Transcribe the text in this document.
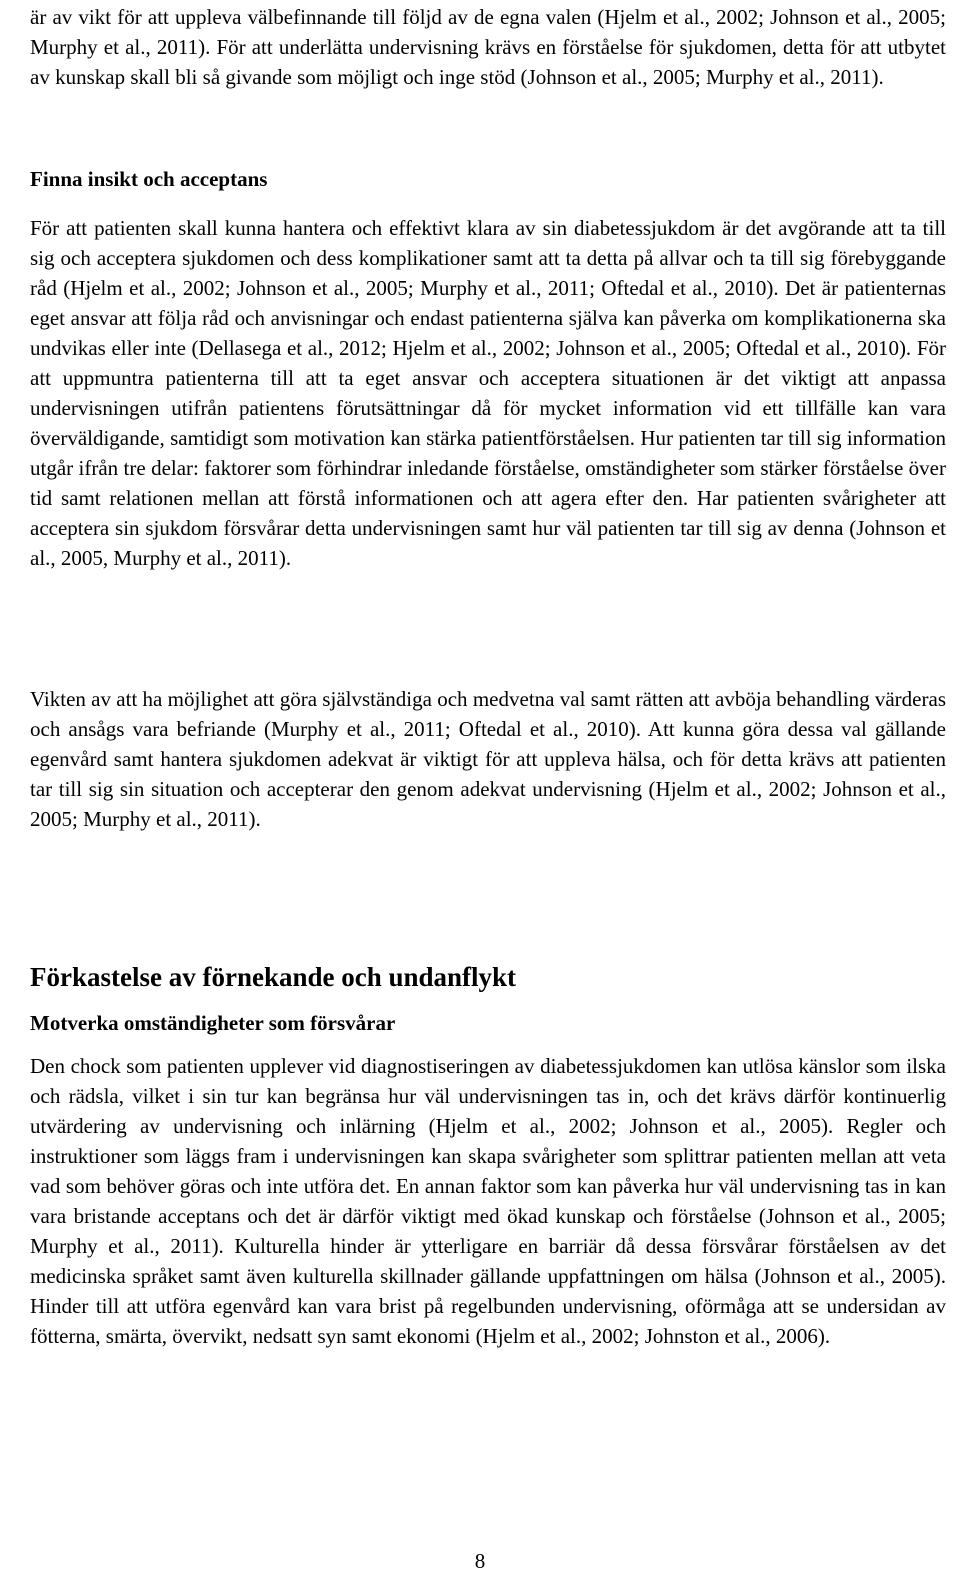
är av vikt för att uppleva välbefinnande till följd av de egna valen (Hjelm et al., 2002; Johnson et al., 2005; Murphy et al., 2011). För att underlätta undervisning krävs en förståelse för sjukdomen, detta för att utbytet av kunskap skall bli så givande som möjligt och inge stöd (Johnson et al., 2005; Murphy et al., 2011).

Finna insikt och acceptans

För att patienten skall kunna hantera och effektivt klara av sin diabetessjukdom är det avgörande att ta till sig och acceptera sjukdomen och dess komplikationer samt att ta detta på allvar och ta till sig förebyggande råd (Hjelm et al., 2002; Johnson et al., 2005; Murphy et al., 2011; Oftedal et al., 2010). Det är patienternas eget ansvar att följa råd och anvisningar och endast patienterna själva kan påverka om komplikationerna ska undvikas eller inte (Dellasega et al., 2012; Hjelm et al., 2002; Johnson et al., 2005; Oftedal et al., 2010). För att uppmuntra patienterna till att ta eget ansvar och acceptera situationen är det viktigt att anpassa undervisningen utifrån patientens förutsättningar då för mycket information vid ett tillfälle kan vara överväldigande, samtidigt som motivation kan stärka patientförståelsen. Hur patienten tar till sig information utgår ifrån tre delar: faktorer som förhindrar inledande förståelse, omständigheter som stärker förståelse över tid samt relationen mellan att förstå informationen och att agera efter den. Har patienten svårigheter att acceptera sin sjukdom försvårar detta undervisningen samt hur väl patienten tar till sig av denna (Johnson et al., 2005, Murphy et al., 2011).

Vikten av att ha möjlighet att göra självständiga och medvetna val samt rätten att avböja behandling värderas och ansågs vara befriande (Murphy et al., 2011; Oftedal et al., 2010). Att kunna göra dessa val gällande egenvård samt hantera sjukdomen adekvat är viktigt för att uppleva hälsa, och för detta krävs att patienten tar till sig sin situation och accepterar den genom adekvat undervisning (Hjelm et al., 2002; Johnson et al., 2005; Murphy et al., 2011).

Förkastelse av förnekande och undanflykt
Motverka omständigheter som försvårar

Den chock som patienten upplever vid diagnostiseringen av diabetessjukdomen kan utlösa känslor som ilska och rädsla, vilket i sin tur kan begränsa hur väl undervisningen tas in, och det krävs därför kontinuerlig utvärdering av undervisning och inlärning (Hjelm et al., 2002; Johnson et al., 2005). Regler och instruktioner som läggs fram i undervisningen kan skapa svårigheter som splittrar patienten mellan att veta vad som behöver göras och inte utföra det. En annan faktor som kan påverka hur väl undervisning tas in kan vara bristande acceptans och det är därför viktigt med ökad kunskap och förståelse (Johnson et al., 2005; Murphy et al., 2011). Kulturella hinder är ytterligare en barriär då dessa försvårar förståelsen av det medicinska språket samt även kulturella skillnader gällande uppfattningen om hälsa (Johnson et al., 2005). Hinder till att utföra egenvård kan vara brist på regelbunden undervisning, oförmåga att se undersidan av fötterna, smärta, övervikt, nedsatt syn samt ekonomi (Hjelm et al., 2002; Johnston et al., 2006).

8
